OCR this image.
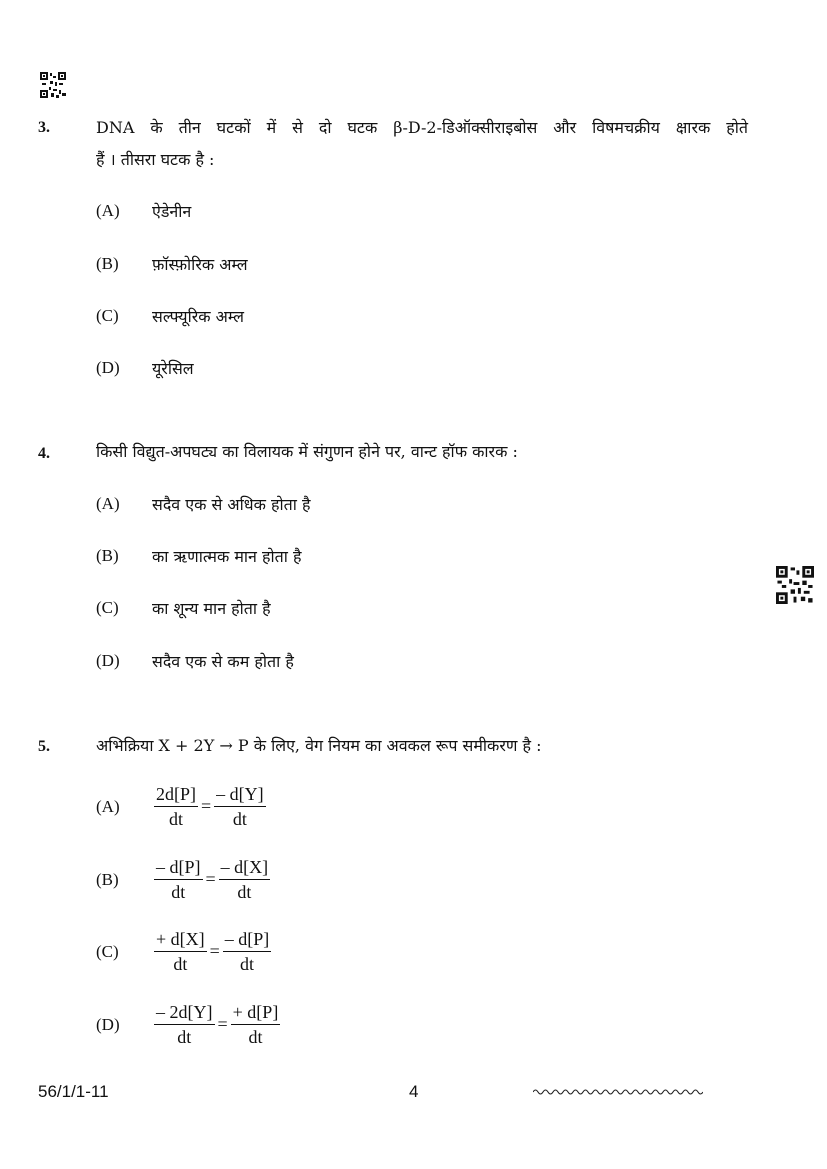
3.	DNA के तीन घटकों में से दो घटक β-D-2-डिऑक्सीराइबोस और विषमचक्रीय क्षारक होते
हैं । तीसरा घटक है :
(A)	ऐडेनीन
(B)	फ़ॉस्फ़ोरिक अम्ल
(C)	सल्फ्यूरिक अम्ल
(D)	यूरेसिल
4.	किसी विद्युत-अपघट्य का विलायक में संगुणन होने पर, वान्ट हॉफ कारक :
(A)	सदैव एक से अधिक होता है
(B)	का ऋणात्मक मान होता है
(C)	का शून्य मान होता है
(D)	सदैव एक से कम होता है
5.	अभिक्रिया X + 2Y → P के लिए, वेग नियम का अवकल रूप समीकरण है :
(A)	$\frac{2d[P]}{dt} = \frac{- d[Y]}{dt}$
(B)	$\frac{- d[P]}{dt} = \frac{- d[X]}{dt}$
(C)	$\frac{+ d[X]}{dt} = \frac{- d[P]}{dt}$
(D)	$\frac{- 2d[Y]}{dt} = \frac{+ d[P]}{dt}$
56/1/1-11	4
